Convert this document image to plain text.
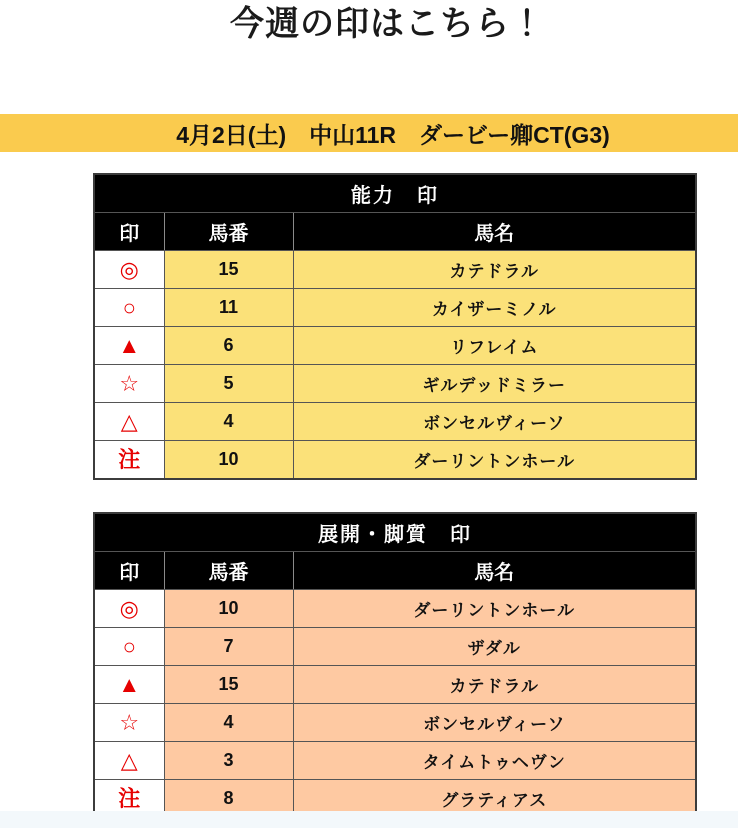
今週の印はこちら！
4月2日(土)　中山11R　ダービー卿CT(G3)
能力　印		
印	馬番	馬名
◎	15	カテドラル
○	11	カイザーミノル
▲	6	リフレイム
☆	5	ギルデッドミラー
△	4	ボンセルヴィーソ
注	10	ダーリントンホール
展開・脚質　印		
印	馬番	馬名
◎	10	ダーリントンホール
○	7	ザダル
▲	15	カテドラル
☆	4	ボンセルヴィーソ
△	3	タイムトゥヘヴン
注	8	グラティアス
